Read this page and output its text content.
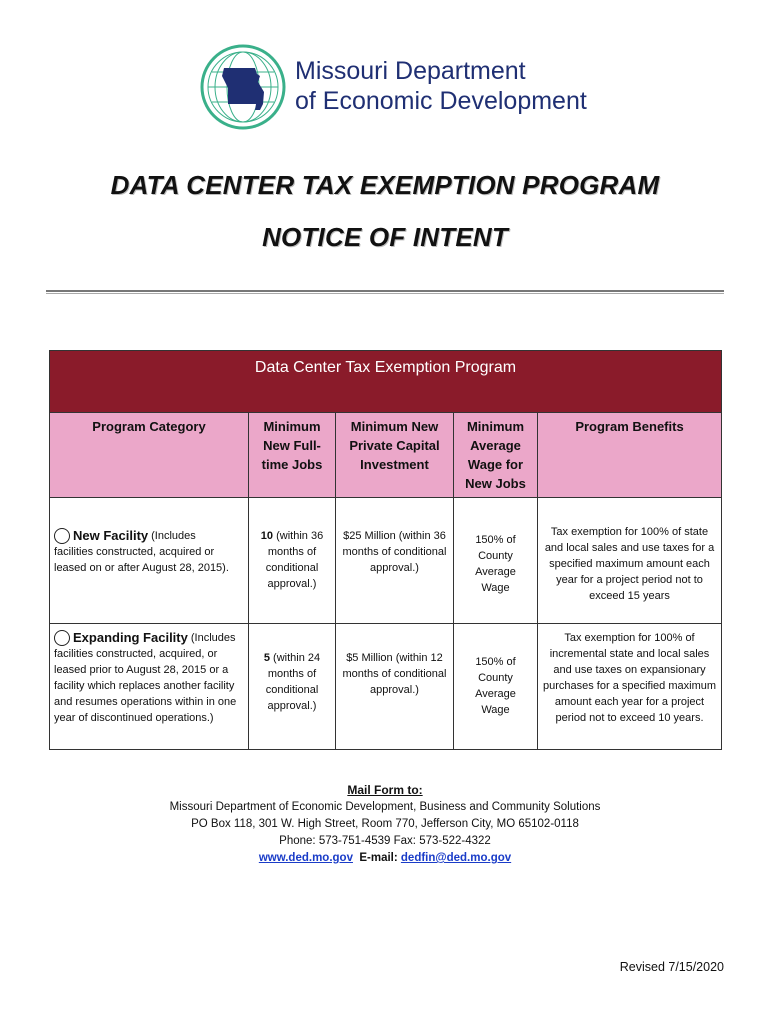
Missouri Department
of Economic Development
DATA CENTER TAX EXEMPTION PROGRAM
NOTICE OF INTENT
Data Center Tax Exemption Program				
Program Category	Minimum New Full-time Jobs	Minimum New Private Capital Investment	Minimum Average Wage for New Jobs	Program Benefits

New Facility (Includes
facilities constructed, acquired or leased on or after August 28, 2015).	10 (within 36 months of conditional approval.)	$25 Million (within 36 months of conditional approval.)	150% of County Average Wage	Tax exemption for 100% of state and local sales and use taxes for a specified maximum amount each year for a project period not to exceed 15 years

Expanding Facility (Includes
facilities constructed, acquired, or leased prior to August 28, 2015 or a facility which replaces another facility and resumes operations within in one year of discontinued operations.)	5 (within 24 months of conditional approval.)	$5 Million (within 12 months of conditional approval.)	150% of County Average Wage	Tax exemption for 100% of incremental state and local sales and use taxes on expansionary purchases for a specified maximum amount each year for a project period not to exceed 10 years.
Mail Form to:
Missouri Department of Economic Development, Business and Community Solutions
PO Box 118, 301 W. High Street, Room 770, Jefferson City, MO 65102-0118
Phone: 573-751-4539 Fax: 573-522-4322
www.ded.mo.gov E-mail: dedfin@ded.mo.gov
Revised 7/15/2020
